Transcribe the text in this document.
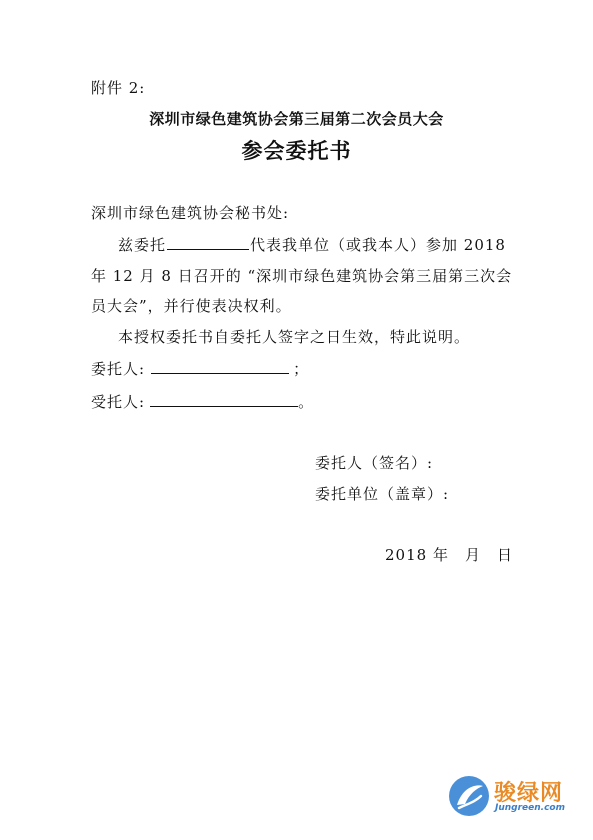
附件 2:
深圳市绿色建筑协会第三届第二次会员大会
参会委托书
深圳市绿色建筑协会秘书处:
兹委托	代表我单位（或我本人）参加 2018
年 12 月 8 日召开的 “深圳市绿色建筑协会第三届第三次会
员大会”，并行使表决权利。
本授权委托书自委托人签字之日生效，特此说明。
委托人:	；
受托人:	。
委托人（签名）:
委托单位（盖章）:
2018 年 月 日
骏绿网
Jungreen.com
